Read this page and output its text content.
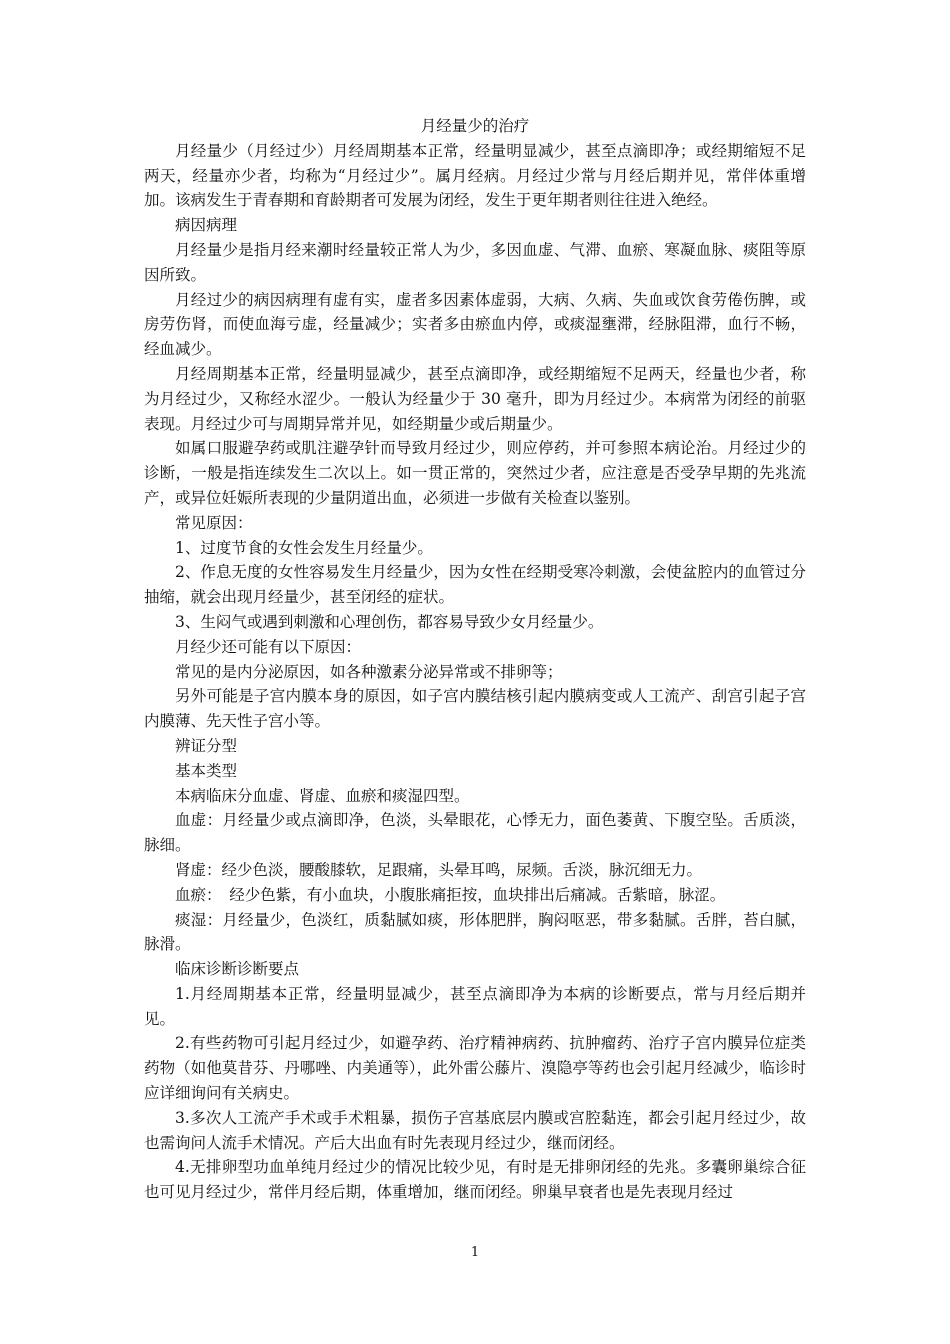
月经量少的治疗

月经量少（月经过少）月经周期基本正常，经量明显减少，甚至点滴即净；或经期缩短不足两天，经量亦少者，均称为“月经过少”。属月经病。月经过少常与月经后期并见，常伴体重增加。该病发生于青春期和育龄期者可发展为闭经，发生于更年期者则往往进入绝经。

病因病理

月经量少是指月经来潮时经量较正常人为少，多因血虚、气滞、血瘀、寒凝血脉、痰阻等原因所致。

月经过少的病因病理有虚有实，虚者多因素体虚弱，大病、久病、失血或饮食劳倦伤脾，或房劳伤肾，而使血海亏虚，经量减少；实者多由瘀血内停，或痰湿壅滞，经脉阻滞，血行不畅，经血减少。

月经周期基本正常，经量明显减少，甚至点滴即净，或经期缩短不足两天，经量也少者，称为月经过少，又称经水涩少。一般认为经量少于 30 毫升，即为月经过少。本病常为闭经的前驱表现。月经过少可与周期异常并见，如经期量少或后期量少。

如属口服避孕药或肌注避孕针而导致月经过少，则应停药，并可参照本病论治。月经过少的诊断，一般是指连续发生二次以上。如一贯正常的，突然过少者，应注意是否受孕早期的先兆流产，或异位妊娠所表现的少量阴道出血，必须进一步做有关检查以鉴别。

常见原因：

1、过度节食的女性会发生月经量少。

2、作息无度的女性容易发生月经量少，因为女性在经期受寒冷刺激，会使盆腔内的血管过分抽缩，就会出现月经量少，甚至闭经的症状。

3、生闷气或遇到刺激和心理创伤，都容易导致少女月经量少。

月经少还可能有以下原因：

常见的是内分泌原因，如各种激素分泌异常或不排卵等；

另外可能是子宫内膜本身的原因，如子宫内膜结核引起内膜病变或人工流产、刮宫引起子宫内膜薄、先天性子宫小等。

辨证分型

基本类型

本病临床分血虚、肾虚、血瘀和痰湿四型。

血虚：月经量少或点滴即净，色淡，头晕眼花，心悸无力，面色萎黄、下腹空坠。舌质淡，脉细。

肾虚：经少色淡，腰酸膝软，足跟痛，头晕耳鸣，尿频。舌淡，脉沉细无力。

血瘀：　经少色紫，有小血块，小腹胀痛拒按，血块排出后痛减。舌紫暗，脉涩。

痰湿：月经量少，色淡红，质黏腻如痰，形体肥胖，胸闷呕恶，带多黏腻。舌胖，苔白腻，脉滑。

临床诊断诊断要点

1.月经周期基本正常，经量明显减少，甚至点滴即净为本病的诊断要点，常与月经后期并见。

2.有些药物可引起月经过少，如避孕药、治疗精神病药、抗肿瘤药、治疗子宫内膜异位症类药物（如他莫昔芬、丹哪唑、内美通等），此外雷公藤片、溴隐亭等药也会引起月经减少，临诊时应详细询问有关病史。

3.多次人工流产手术或手术粗暴，损伤子宫基底层内膜或宫腔黏连，都会引起月经过少，故也需询问人流手术情况。产后大出血有时先表现月经过少，继而闭经。

4.无排卵型功血单纯月经过少的情况比较少见，有时是无排卵闭经的先兆。多囊卵巢综合征也可见月经过少，常伴月经后期，体重增加，继而闭经。卵巢早衰者也是先表现月经过

1
